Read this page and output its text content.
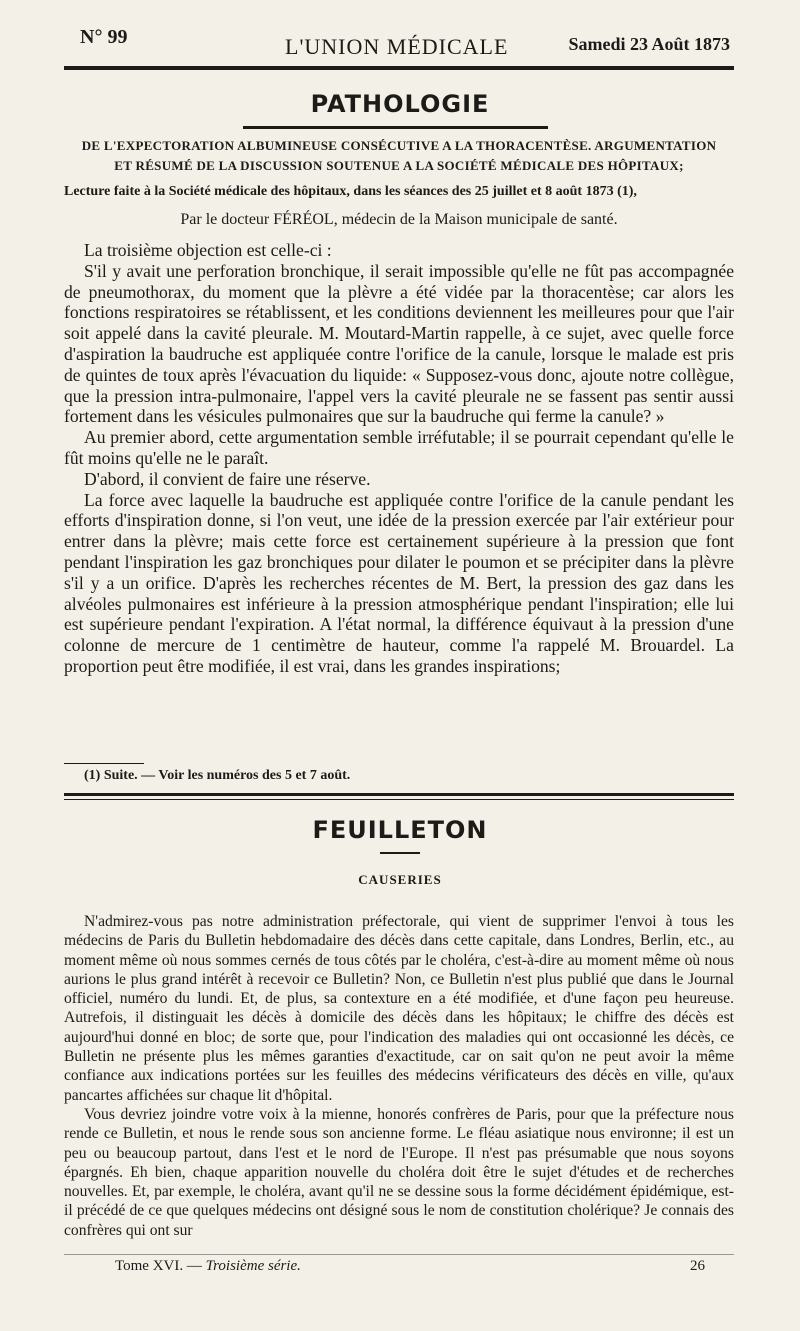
N° 99	L'UNION MÉDICALE	Samedi 23 Août 1873
PATHOLOGIE
DE L'EXPECTORATION ALBUMINEUSE CONSÉCUTIVE A LA THORACENTÈSE. ARGUMENTATION
ET RÉSUMÉ DE LA DISCUSSION SOUTENUE A LA SOCIÉTÉ MÉDICALE DES HÔPITAUX;
Lecture faite à la Société médicale des hôpitaux, dans les séances des 25 juillet et 8 août 1873 (1),
Par le docteur FÉRÉOL, médecin de la Maison municipale de santé.

La troisième objection est celle-ci :

S'il y avait une perforation bronchique, il serait impossible qu'elle ne fût pas accompagnée de pneumothorax, du moment que la plèvre a été vidée par la thoracentèse; car alors les fonctions respiratoires se rétablissent, et les conditions deviennent les meilleures pour que l'air soit appelé dans la cavité pleurale. M. Moutard-Martin rappelle, à ce sujet, avec quelle force d'aspiration la baudruche est appliquée contre l'orifice de la canule, lorsque le malade est pris de quintes de toux après l'évacuation du liquide: « Supposez-vous donc, ajoute notre collègue, que la pression intra-pulmonaire, l'appel vers la cavité pleurale ne se fassent pas sentir aussi fortement dans les vésicules pulmonaires que sur la baudruche qui ferme la canule? »

Au premier abord, cette argumentation semble irréfutable; il se pourrait cependant qu'elle le fût moins qu'elle ne le paraît.

D'abord, il convient de faire une réserve.

La force avec laquelle la baudruche est appliquée contre l'orifice de la canule pendant les efforts d'inspiration donne, si l'on veut, une idée de la pression exercée par l'air extérieur pour entrer dans la plèvre; mais cette force est certainement supérieure à la pression que font pendant l'inspiration les gaz bronchiques pour dilater le poumon et se précipiter dans la plèvre s'il y a un orifice. D'après les recherches récentes de M. Bert, la pression des gaz dans les alvéoles pulmonaires est inférieure à la pression atmosphérique pendant l'inspiration; elle lui est supérieure pendant l'expiration. A l'état normal, la différence équivaut à la pression d'une colonne de mercure de 1 centimètre de hauteur, comme l'a rappelé M. Brouardel. La proportion peut être modifiée, il est vrai, dans les grandes inspirations;

(1) Suite. — Voir les numéros des 5 et 7 août.
FEUILLETON
CAUSERIES

N'admirez-vous pas notre administration préfectorale, qui vient de supprimer l'envoi à tous les médecins de Paris du Bulletin hebdomadaire des décès dans cette capitale, dans Londres, Berlin, etc., au moment même où nous sommes cernés de tous côtés par le choléra, c'est-à-dire au moment même où nous aurions le plus grand intérêt à recevoir ce Bulletin? Non, ce Bulletin n'est plus publié que dans le Journal officiel, numéro du lundi. Et, de plus, sa contexture en a été modifiée, et d'une façon peu heureuse. Autrefois, il distinguait les décès à domicile des décès dans les hôpitaux; le chiffre des décès est aujourd'hui donné en bloc; de sorte que, pour l'indication des maladies qui ont occasionné les décès, ce Bulletin ne présente plus les mêmes garanties d'exactitude, car on sait qu'on ne peut avoir la même confiance aux indications portées sur les feuilles des médecins vérificateurs des décès en ville, qu'aux pancartes affichées sur chaque lit d'hôpital.

Vous devriez joindre votre voix à la mienne, honorés confrères de Paris, pour que la préfecture nous rende ce Bulletin, et nous le rende sous son ancienne forme. Le fléau asiatique nous environne; il est un peu ou beaucoup partout, dans l'est et le nord de l'Europe. Il n'est pas présumable que nous soyons épargnés. Eh bien, chaque apparition nouvelle du choléra doit être le sujet d'études et de recherches nouvelles. Et, par exemple, le choléra, avant qu'il ne se dessine sous la forme décidément épidémique, est-il précédé de ce que quelques médecins ont désigné sous le nom de constitution cholérique? Je connais des confrères qui ont sur

Tome XVI. — Troisième série.	26
